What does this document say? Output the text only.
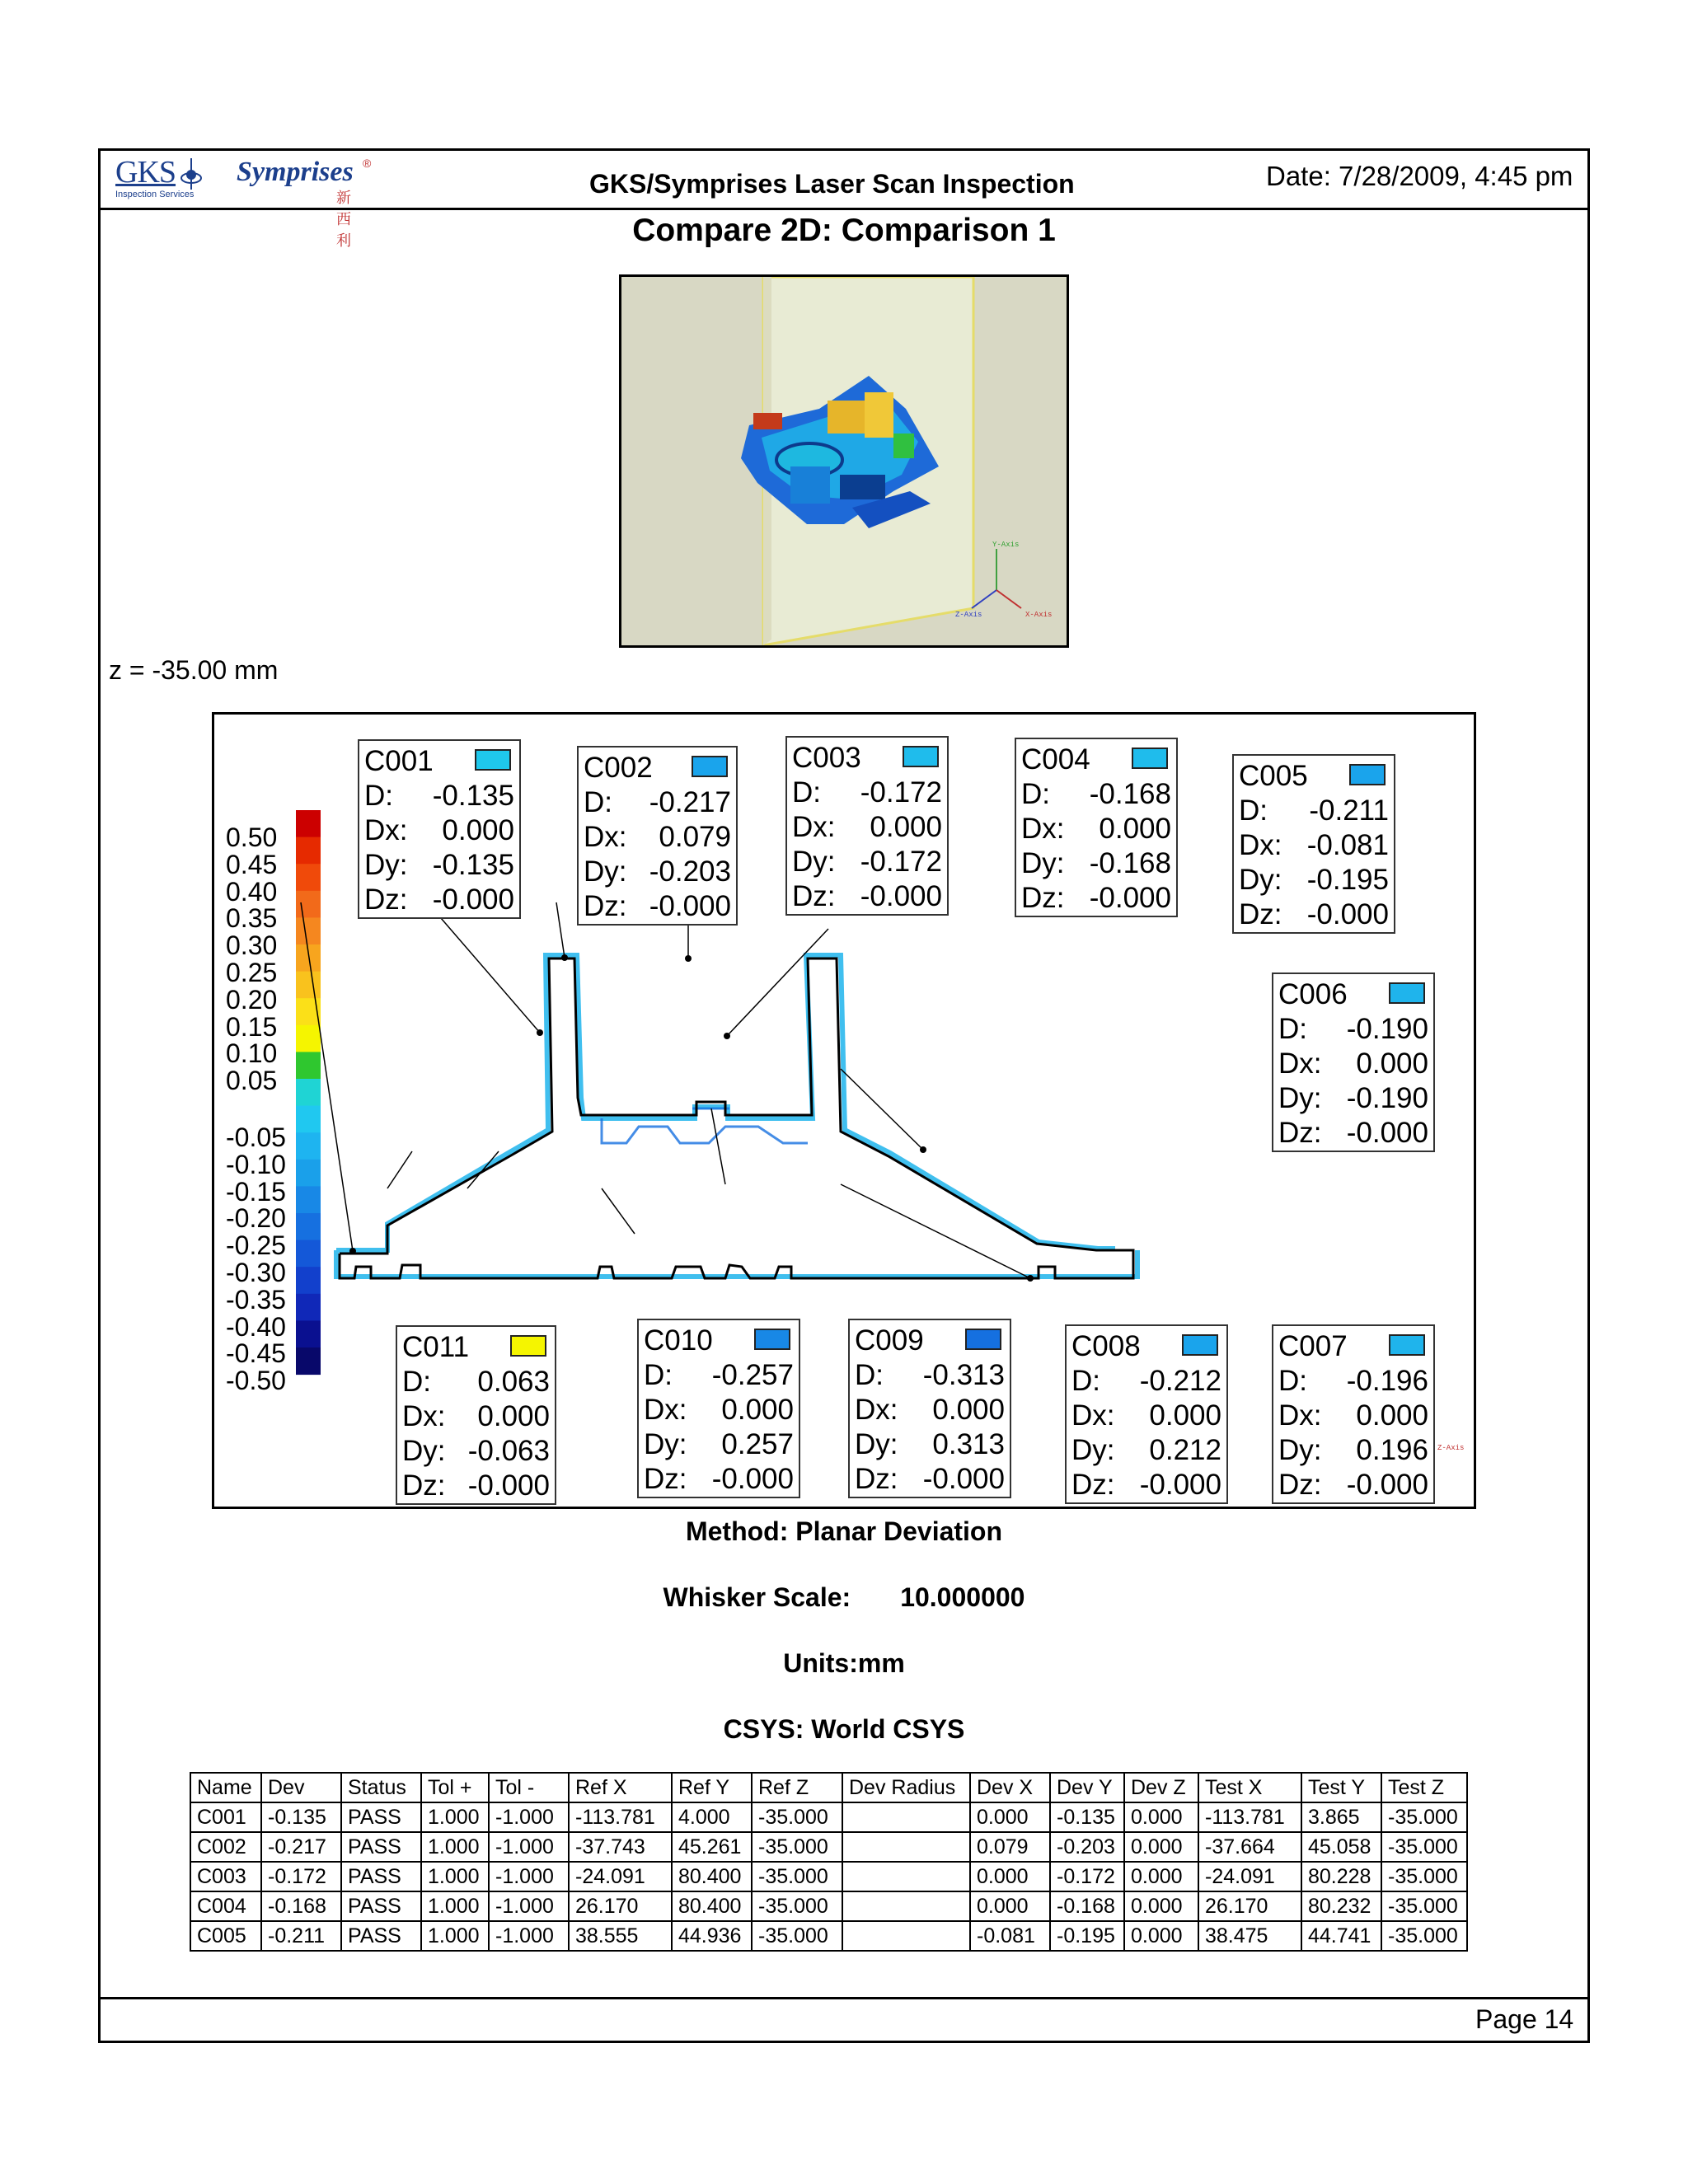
GKS
Inspection Services
Symprises
新西利
®
GKS/Symprises Laser Scan Inspection	Date: 7/28/2009, 4:45 pm
Compare 2D: Comparison 1
Y-Axis
Z-Axis	X-Axis
z = -35.00 mm
Z-Axis
0.50
0.45
0.40
0.35
0.30
0.25
0.20
0.15
0.10
0.05
-0.05
-0.10
-0.15
-0.20
-0.25
-0.30
-0.35
-0.40
-0.45
-0.50
C001
D: -0.135
Dx: 0.000
Dy: -0.135
Dz: -0.000
C002
D: -0.217
Dx: 0.079
Dy: -0.203
Dz: -0.000
C003
D: -0.172
Dx: 0.000
Dy: -0.172
Dz: -0.000
C004
D: -0.168
Dx: 0.000
Dy: -0.168
Dz: -0.000
C005
D: -0.211
Dx: -0.081
Dy: -0.195
Dz: -0.000
C006
D: -0.190
Dx: 0.000
Dy: -0.190
Dz: -0.000
C007
D: -0.196
Dx: 0.000
Dy: 0.196
Dz: -0.000
C008
D: -0.212
Dx: 0.000
Dy: 0.212
Dz: -0.000
C009
D: -0.313
Dx: 0.000
Dy: 0.313
Dz: -0.000
C010
D: -0.257
Dx: 0.000
Dy: 0.257
Dz: -0.000
C011
D: 0.063
Dx: 0.000
Dy: -0.063
Dz: -0.000
Method: Planar Deviation
Whisker Scale: 10.000000
Units:mm
CSYS: World CSYS
Name	Dev	Status	Tol +	Tol -	Ref X	Ref Y	Ref Z	Dev Radius	Dev X	Dev Y	Dev Z	Test X	Test Y	Test Z
C001	-0.135	PASS	1.000	-1.000	-113.781	4.000	-35.000		0.000	-0.135	0.000	-113.781	3.865	-35.000
C002	-0.217	PASS	1.000	-1.000	-37.743	45.261	-35.000		0.079	-0.203	0.000	-37.664	45.058	-35.000
C003	-0.172	PASS	1.000	-1.000	-24.091	80.400	-35.000		0.000	-0.172	0.000	-24.091	80.228	-35.000
C004	-0.168	PASS	1.000	-1.000	26.170	80.400	-35.000		0.000	-0.168	0.000	26.170	80.232	-35.000
C005	-0.211	PASS	1.000	-1.000	38.555	44.936	-35.000		-0.081	-0.195	0.000	38.475	44.741	-35.000
Page 14
